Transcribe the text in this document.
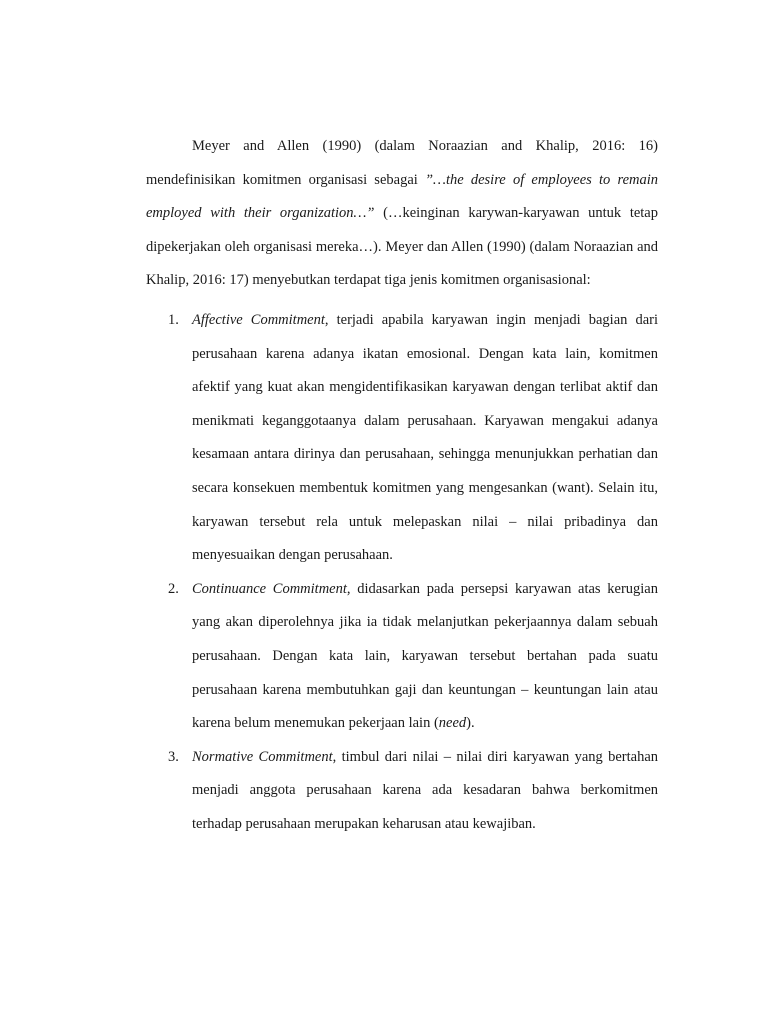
Meyer and Allen (1990) (dalam Noraazian and Khalip, 2016: 16) mendefinisikan komitmen organisasi sebagai ”…the desire of employees to remain employed with their organization…” (…keinginan karywan-karyawan untuk tetap dipekerjakan oleh organisasi mereka…). Meyer dan Allen (1990) (dalam Noraazian and Khalip, 2016: 17) menyebutkan terdapat tiga jenis komitmen organisasional:

1. Affective Commitment, terjadi apabila karyawan ingin menjadi bagian dari perusahaan karena adanya ikatan emosional. Dengan kata lain, komitmen afektif yang kuat akan mengidentifikasikan karyawan dengan terlibat aktif dan menikmati keganggotaanya dalam perusahaan. Karyawan mengakui adanya kesamaan antara dirinya dan perusahaan, sehingga menunjukkan perhatian dan secara konsekuen membentuk komitmen yang mengesankan (want). Selain itu, karyawan tersebut rela untuk melepaskan nilai – nilai pribadinya dan menyesuaikan dengan perusahaan.
2. Continuance Commitment, didasarkan pada persepsi karyawan atas kerugian yang akan diperolehnya jika ia tidak melanjutkan pekerjaannya dalam sebuah perusahaan. Dengan kata lain, karyawan tersebut bertahan pada suatu perusahaan karena membutuhkan gaji dan keuntungan – keuntungan lain atau karena belum menemukan pekerjaan lain (need).
3. Normative Commitment, timbul dari nilai – nilai diri karyawan yang bertahan menjadi anggota perusahaan karena ada kesadaran bahwa berkomitmen terhadap perusahaan merupakan keharusan atau kewajiban.
